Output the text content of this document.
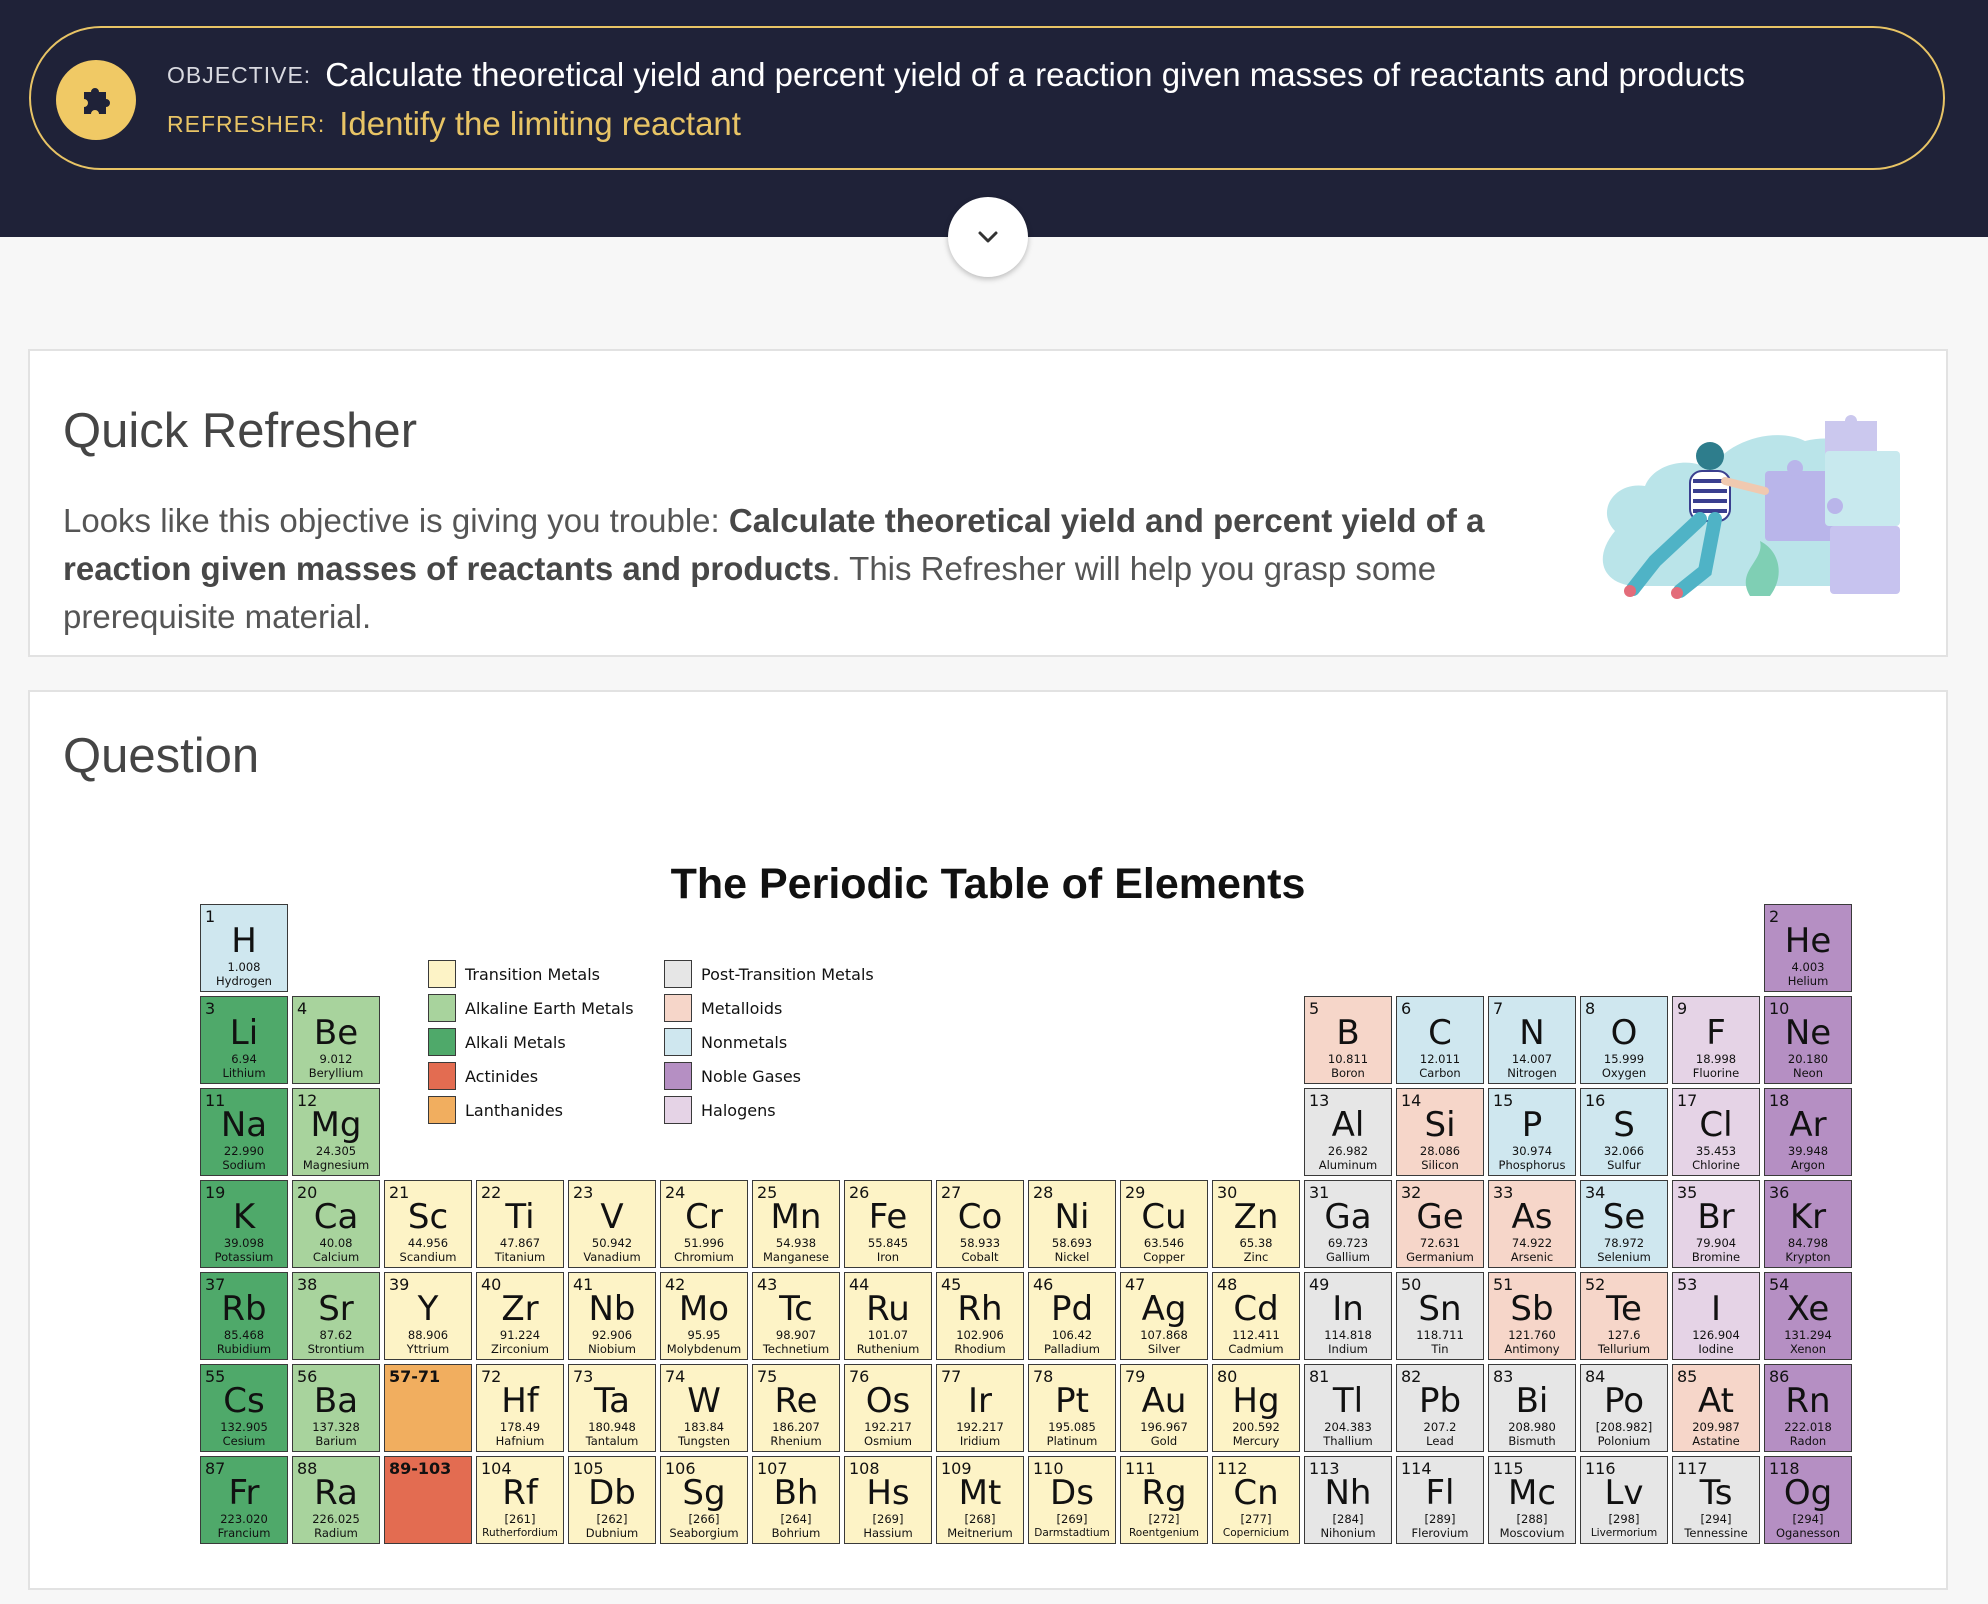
OBJECTIVE: Calculate theoretical yield and percent yield of a reaction given masses of reactants and products
REFRESHER: Identify the limiting reactant
Quick Refresher

Looks like this objective is giving you trouble: Calculate theoretical yield and percent yield of a reaction given masses of reactants and products. This Refresher will help you grasp some prerequisite material.

Question
The Periodic Table of Elements
1
H
1.008
Hydrogen
2
He
4.003
Helium
3
Li
6.94
Lithium
4
Be
9.012
Beryllium
5
B
10.811
Boron
6
C
12.011
Carbon
7
N
14.007
Nitrogen
8
O
15.999
Oxygen
9
F
18.998
Fluorine
10
Ne
20.180
Neon
11
Na
22.990
Sodium
12
Mg
24.305
Magnesium
13
Al
26.982
Aluminum
14
Si
28.086
Silicon
15
P
30.974
Phosphorus
16
S
32.066
Sulfur
17
Cl
35.453
Chlorine
18
Ar
39.948
Argon
19
K
39.098
Potassium
20
Ca
40.08
Calcium
21
Sc
44.956
Scandium
22
Ti
47.867
Titanium
23
V
50.942
Vanadium
24
Cr
51.996
Chromium
25
Mn
54.938
Manganese
26
Fe
55.845
Iron
27
Co
58.933
Cobalt
28
Ni
58.693
Nickel
29
Cu
63.546
Copper
30
Zn
65.38
Zinc
31
Ga
69.723
Gallium
32
Ge
72.631
Germanium
33
As
74.922
Arsenic
34
Se
78.972
Selenium
35
Br
79.904
Bromine
36
Kr
84.798
Krypton
37
Rb
85.468
Rubidium
38
Sr
87.62
Strontium
39
Y
88.906
Yttrium
40
Zr
91.224
Zirconium
41
Nb
92.906
Niobium
42
Mo
95.95
Molybdenum
43
Tc
98.907
Technetium
44
Ru
101.07
Ruthenium
45
Rh
102.906
Rhodium
46
Pd
106.42
Palladium
47
Ag
107.868
Silver
48
Cd
112.411
Cadmium
49
In
114.818
Indium
50
Sn
118.711
Tin
51
Sb
121.760
Antimony
52
Te
127.6
Tellurium
53
I
126.904
Iodine
54
Xe
131.294
Xenon
55
Cs
132.905
Cesium
56
Ba
137.328
Barium
72
Hf
178.49
Hafnium
73
Ta
180.948
Tantalum
74
W
183.84
Tungsten
75
Re
186.207
Rhenium
76
Os
192.217
Osmium
77
Ir
192.217
Iridium
78
Pt
195.085
Platinum
79
Au
196.967
Gold
80
Hg
200.592
Mercury
81
Tl
204.383
Thallium
82
Pb
207.2
Lead
83
Bi
208.980
Bismuth
84
Po
[208.982]
Polonium
85
At
209.987
Astatine
86
Rn
222.018
Radon
87
Fr
223.020
Francium
88
Ra
226.025
Radium
104
Rf
[261]
Rutherfordium
105
Db
[262]
Dubnium
106
Sg
[266]
Seaborgium
107
Bh
[264]
Bohrium
108
Hs
[269]
Hassium
109
Mt
[268]
Meitnerium
110
Ds
[269]
Darmstadtium
111
Rg
[272]
Roentgenium
112
Cn
[277]
Copernicium
113
Nh
[284]
Nihonium
114
Fl
[289]
Flerovium
115
Mc
[288]
Moscovium
116
Lv
[298]
Livermorium
117
Ts
[294]
Tennessine
118
Og
[294]
Oganesson
57-71
89-103
Transition Metals
Alkaline Earth Metals
Alkali Metals
Actinides
Lanthanides
Post-Transition Metals
Metalloids
Nonmetals
Noble Gases
Halogens
